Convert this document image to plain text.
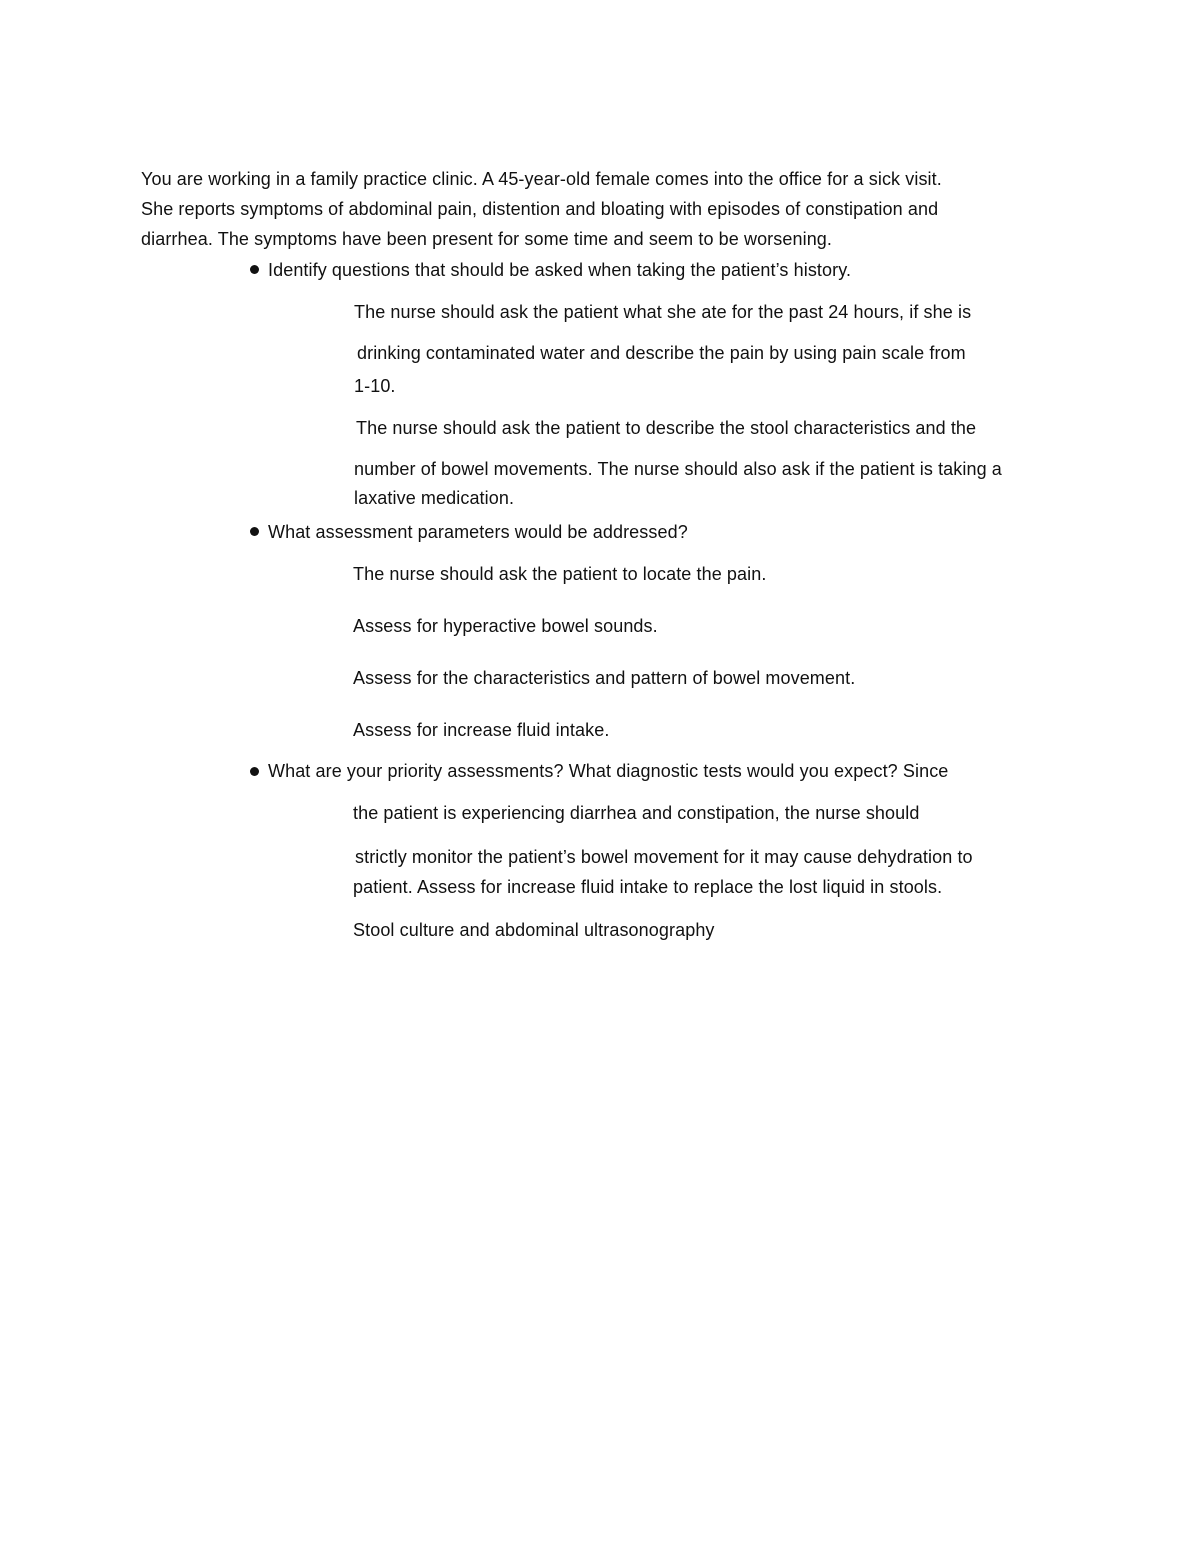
You are working in a family practice clinic. A 45-year-old female comes into the office for a sick visit.
She reports symptoms of abdominal pain, distention and bloating with episodes of constipation and
diarrhea. The symptoms have been present for some time and seem to be worsening.
Identify questions that should be asked when taking the patient’s history.
The nurse should ask the patient what she ate for the past 24 hours, if she is
drinking contaminated water and describe the pain by using pain scale from
1-10.
The nurse should ask the patient to describe the stool characteristics and the
number of bowel movements. The nurse should also ask if the patient is taking a
laxative medication.
What assessment parameters would be addressed?
The nurse should ask the patient to locate the pain.
Assess for hyperactive bowel sounds.
Assess for the characteristics and pattern of bowel movement.
Assess for increase fluid intake.
What are your priority assessments? What diagnostic tests would you expect? Since
the patient is experiencing diarrhea and constipation, the nurse should
strictly monitor the patient’s bowel movement for it may cause dehydration to
patient. Assess for increase fluid intake to replace the lost liquid in stools.
Stool culture and abdominal ultrasonography
